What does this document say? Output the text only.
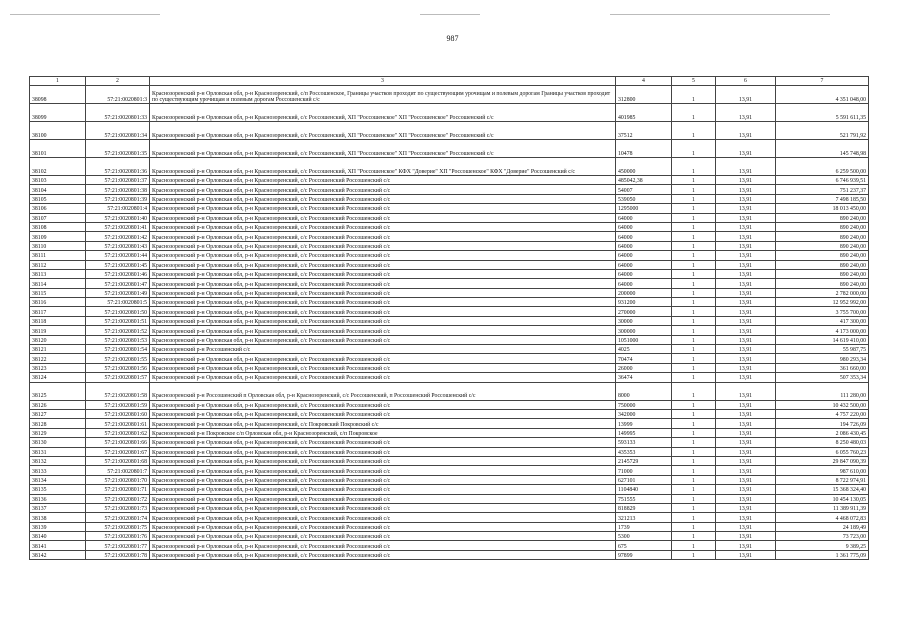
987
1	2	3	4	5	6	7
38098	57:21:0020801:3	Краснозоренский р-н Орловская обл, р-н Краснозоренский, с/п Россошенское, Границы участков проходит по существующим урочищам и полевым дорогам Границы участков проходит по существующим урочищам и полевым дорогам Россошенский с/с	312800	1	13,91	4 351 048,00
38099	57:21:0020801:33	Краснозоренский р-н Орловская обл, р-н Краснозоренский, с/с Россошенский, ХП "Россошенское" ХП "Россошенское" Россошенский с/с	401985	1	13,91	5 591 611,35
38100	57:21:0020801:34	Краснозоренский р-н Орловская обл, р-н Краснозоренский, с/с Россошенский, ХП "Россошенское" ХП "Россошенское" Россошенский с/с	37512	1	13,91	521 791,92
38101	57:21:0020801:35	Краснозоренский р-н Орловская обл, р-н Краснозоренский, с/с Россошенский, ХП "Россошенское" ХП "Россошенское" Россошенский с/с	10478	1	13,91	145 748,98
38102	57:21:0020801:36	Краснозоренский р-н Орловская обл, р-н Краснозоренский, с/с Россошенский, ХП "Россошенское" КФХ "Доверие" ХП "Россошенское" КФХ "Доверие" Россошенский с/с	450000	1	13,91	6 259 500,00
38103	57:21:0020801:37	Краснозоренский р-н Орловская обл, р-н Краснозоренский, с/с Россошенский Россошенский с/с	485042,38	1	13,91	6 746 939,51
38104	57:21:0020801:38	Краснозоренский р-н Орловская обл, р-н Краснозоренский, с/с Россошенский Россошенский с/с	54007	1	13,91	751 237,37
38105	57:21:0020801:39	Краснозоренский р-н Орловская обл, р-н Краснозоренский, с/с Россошенский Россошенский с/с	539050	1	13,91	7 498 185,50
38106	57:21:0020801:4	Краснозоренский р-н Орловская обл, р-н Краснозоренский, с/с Россошенский Россошенский с/с	1295000	1	13,91	18 013 450,00
38107	57:21:0020801:40	Краснозоренский р-н Орловская обл, р-н Краснозоренский, с/с Россошенский Россошенский с/с	64000	1	13,91	890 240,00
38108	57:21:0020801:41	Краснозоренский р-н Орловская обл, р-н Краснозоренский, с/с Россошенский Россошенский с/с	64000	1	13,91	890 240,00
38109	57:21:0020801:42	Краснозоренский р-н Орловская обл, р-н Краснозоренский, с/с Россошенский Россошенский с/с	64000	1	13,91	890 240,00
38110	57:21:0020801:43	Краснозоренский р-н Орловская обл, р-н Краснозоренский, с/с Россошенский Россошенский с/с	64000	1	13,91	890 240,00
38111	57:21:0020801:44	Краснозоренский р-н Орловская обл, р-н Краснозоренский, с/с Россошенский Россошенский с/с	64000	1	13,91	890 240,00
38112	57:21:0020801:45	Краснозоренский р-н Орловская обл, р-н Краснозоренский, с/с Россошенский Россошенский с/с	64000	1	13,91	890 240,00
38113	57:21:0020801:46	Краснозоренский р-н Орловская обл, р-н Краснозоренский, с/с Россошенский Россошенский с/с	64000	1	13,91	890 240,00
38114	57:21:0020801:47	Краснозоренский р-н Орловская обл, р-н Краснозоренский, с/с Россошенский Россошенский с/с	64000	1	13,91	890 240,00
38115	57:21:0020801:49	Краснозоренский р-н Орловская обл, р-н Краснозоренский, с/с Россошенский Россошенский с/с	200000	1	13,91	2 782 000,00
38116	57:21:0020801:5	Краснозоренский р-н Орловская обл, р-н Краснозоренский, с/с Россошенский Россошенский с/с	931200	1	13,91	12 952 992,00
38117	57:21:0020801:50	Краснозоренский р-н Орловская обл, р-н Краснозоренский, с/с Россошенский Россошенский с/с	270000	1	13,91	3 755 700,00
38118	57:21:0020801:51	Краснозоренский р-н Орловская обл, р-н Краснозоренский, с/с Россошенский Россошенский с/с	30000	1	13,91	417 300,00
38119	57:21:0020801:52	Краснозоренский р-н Орловская обл, р-н Краснозоренский, с/с Россошенский Россошенский с/с	300000	1	13,91	4 173 000,00
38120	57:21:0020801:53	Краснозоренский р-н Орловская обл, р-н Краснозоренский, с/с Россошенский Россошенский с/с	1051000	1	13,91	14 619 410,00
38121	57:21:0020801:54	Краснозоренский р-н Россошенский с/с	4025	1	13,91	55 987,75
38122	57:21:0020801:55	Краснозоренский р-н Орловская обл, р-н Краснозоренский, с/с Россошенский Россошенский с/с	70474	1	13,91	980 293,34
38123	57:21:0020801:56	Краснозоренский р-н Орловская обл, р-н Краснозоренский, с/с Россошенский Россошенский с/с	26000	1	13,91	361 660,00
38124	57:21:0020801:57	Краснозоренский р-н Орловская обл, р-н Краснозоренский, с/с Россошенский Россошенский с/с	36474	1	13,91	507 353,34
38125	57:21:0020801:58	Краснозоренский р-н Россошенский п Орловская обл, р-н Краснозоренский, с/с Россошенский, п Россошенский Россошенский с/с	8000	1	13,91	111 280,00
38126	57:21:0020801:59	Краснозоренский р-н Орловская обл, р-н Краснозоренский, с/с Россошенский Россошенский с/с	750000	1	13,91	10 432 500,00
38127	57:21:0020801:60	Краснозоренский р-н Орловская обл, р-н Краснозоренский, с/с Россошенский Россошенский с/с	342000	1	13,91	4 757 220,00
38128	57:21:0020801:61	Краснозоренский р-н Орловская обл, р-н Краснозоренский, с/с Покровский Покровский с/с	13999	1	13,91	194 726,09
38129	57:21:0020801:62	Краснозоренский р-н Покровское с/п Орловская обл, р-н Краснозоренский, с/п Покровское	149995	1	13,91	2 086 430,45
38130	57:21:0020801:66	Краснозоренский р-н Орловская обл, р-н Краснозоренский, с/с Россошенский Россошенский с/с	593133	1	13,91	8 250 480,03
38131	57:21:0020801:67	Краснозоренский р-н Орловская обл, р-н Краснозоренский, с/с Россошенский Россошенский с/с	435353	1	13,91	6 055 760,23
38132	57:21:0020801:68	Краснозоренский р-н Орловская обл, р-н Краснозоренский, с/с Россошенский Россошенский с/с	2145729	1	13,91	29 847 090,39
38133	57:21:0020801:7	Краснозоренский р-н Орловская обл, р-н Краснозоренский, с/с Россошенский Россошенский с/с	71000	1	13,91	987 610,00
38134	57:21:0020801:70	Краснозоренский р-н Орловская обл, р-н Краснозоренский, с/с Россошенский Россошенский с/с	627101	1	13,91	8 722 974,91
38135	57:21:0020801:71	Краснозоренский р-н Орловская обл, р-н Краснозоренский, с/с Россошенский Россошенский с/с	1104840	1	13,91	15 368 324,40
38136	57:21:0020801:72	Краснозоренский р-н Орловская обл, р-н Краснозоренский, с/с Россошенский Россошенский с/с	751555	1	13,91	10 454 130,05
38137	57:21:0020801:73	Краснозоренский р-н Орловская обл, р-н Краснозоренский, с/с Россошенский Россошенский с/с	818829	1	13,91	11 389 911,39
38138	57:21:0020801:74	Краснозоренский р-н Орловская обл, р-н Краснозоренский, с/с Россошенский Россошенский с/с	321213	1	13,91	4 468 072,83
38139	57:21:0020801:75	Краснозоренский р-н Орловская обл, р-н Краснозоренский, с/с Россошенский Россошенский с/с	1739	1	13,91	24 189,49
38140	57:21:0020801:76	Краснозоренский р-н Орловская обл, р-н Краснозоренский, с/с Россошенский Россошенский с/с	5300	1	13,91	73 723,00
38141	57:21:0020801:77	Краснозоренский р-н Орловская обл, р-н Краснозоренский, с/с Россошенский Россошенский с/с	675	1	13,91	9 389,25
38142	57:21:0020801:78	Краснозоренский р-н Орловская обл, р-н Краснозоренский, с/с Россошенский Россошенский с/с	97899	1	13,91	1 361 775,09
